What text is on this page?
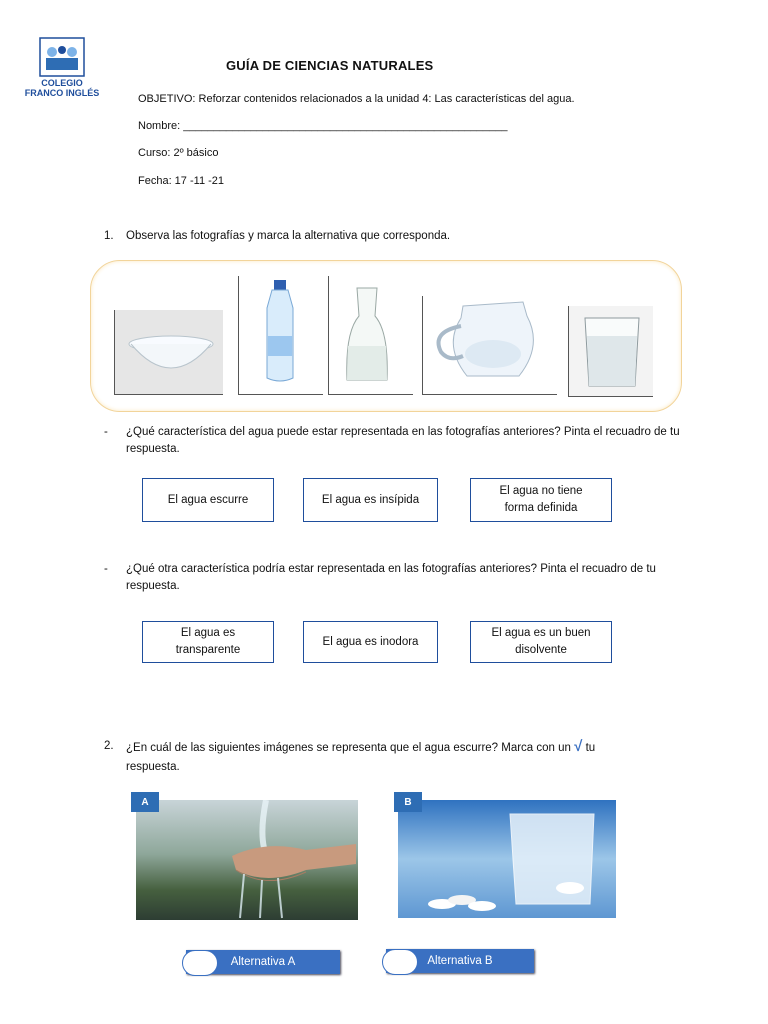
COLEGIO
FRANCO INGLÉS
GUÍA DE CIENCIAS NATURALES
OBJETIVO: Reforzar contenidos relacionados a la unidad 4: Las características del agua.
Nombre: _____________________________________________________
Curso: 2º básico
Fecha: 17 -11 -21
1. Observa las fotografías y marca la alternativa que corresponda.
- ¿Qué característica del agua puede estar representada en las fotografías anteriores? Pinta el recuadro de tu respuesta.
El agua escurre	El agua es insípida
El agua no tiene forma definida
- ¿Qué otra característica podría estar representada en las fotografías anteriores? Pinta el recuadro de tu respuesta.
El agua es transparente
El agua es inodora
El agua es un buen disolvente
2. ¿En cuál de las siguientes imágenes se representa que el agua escurre? Marca con un √ tu
respuesta.
A	B
Alternativa A	Alternativa B
